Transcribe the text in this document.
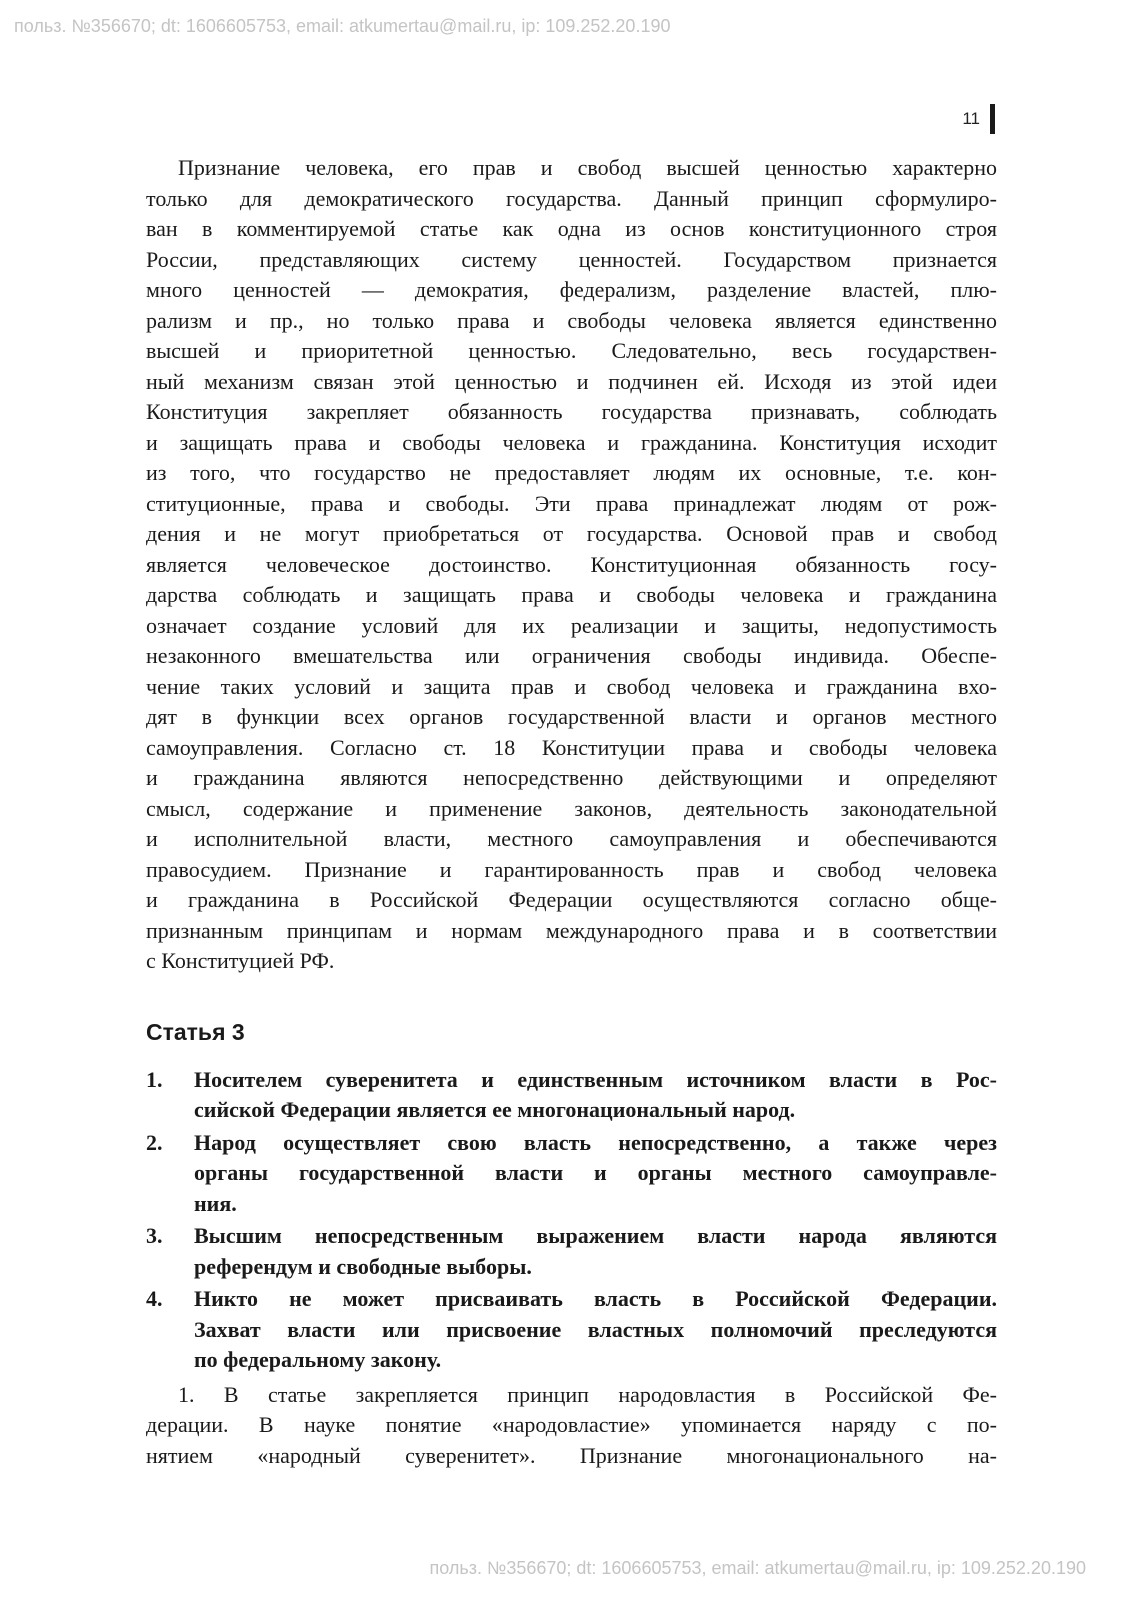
польз. №356670; dt: 1606605753, email: atkumertau@mail.ru, ip: 109.252.20.190
11
Признание человека, его прав и свобод высшей ценностью характерно
только для демократического государства. Данный принцип сформулиро-
ван в комментируемой статье как одна из основ конституционного строя
России, представляющих систему ценностей. Государством признается
много ценностей — демократия, федерализм, разделение властей, плю-
рализм и пр., но только права и свободы человека является единственно
высшей и приоритетной ценностью. Следовательно, весь государствен-
ный механизм связан этой ценностью и подчинен ей. Исходя из этой идеи
Конституция закрепляет обязанность государства признавать, соблюдать
и защищать права и свободы человека и гражданина. Конституция исходит
из того, что государство не предоставляет людям их основные, т.е. кон-
ституционные, права и свободы. Эти права принадлежат людям от рож-
дения и не могут приобретаться от государства. Основой прав и свобод
является человеческое достоинство. Конституционная обязанность госу-
дарства соблюдать и защищать права и свободы человека и гражданина
означает создание условий для их реализации и защиты, недопустимость
незаконного вмешательства или ограничения свободы индивида. Обеспе-
чение таких условий и защита прав и свобод человека и гражданина вхо-
дят в функции всех органов государственной власти и органов местного
самоуправления. Согласно ст. 18 Конституции права и свободы человека
и гражданина являются непосредственно действующими и определяют
смысл, содержание и применение законов, деятельность законодательной
и исполнительной власти, местного самоуправления и обеспечиваются
правосудием. Признание и гарантированность прав и свобод человека
и гражданина в Российской Федерации осуществляются согласно обще-
признанным принципам и нормам международного права и в соответствии
с Конституцией РФ.
Статья 3
1. Носителем суверенитета и единственным источником власти в Рос-
сийской Федерации является ее многонациональный народ.
2. Народ осуществляет свою власть непосредственно, а также через
органы государственной власти и органы местного самоуправле-
ния.
3. Высшим непосредственным выражением власти народа являются
референдум и свободные выборы.
4. Никто не может присваивать власть в Российской Федерации.
Захват власти или присвоение властных полномочий преследуются
по федеральному закону.
1. В статье закрепляется принцип народовластия в Российской Фе-
дерации. В науке понятие «народовластие» упоминается наряду с по-
нятием «народный суверенитет». Признание многонационального на-
польз. №356670; dt: 1606605753, email: atkumertau@mail.ru, ip: 109.252.20.190
